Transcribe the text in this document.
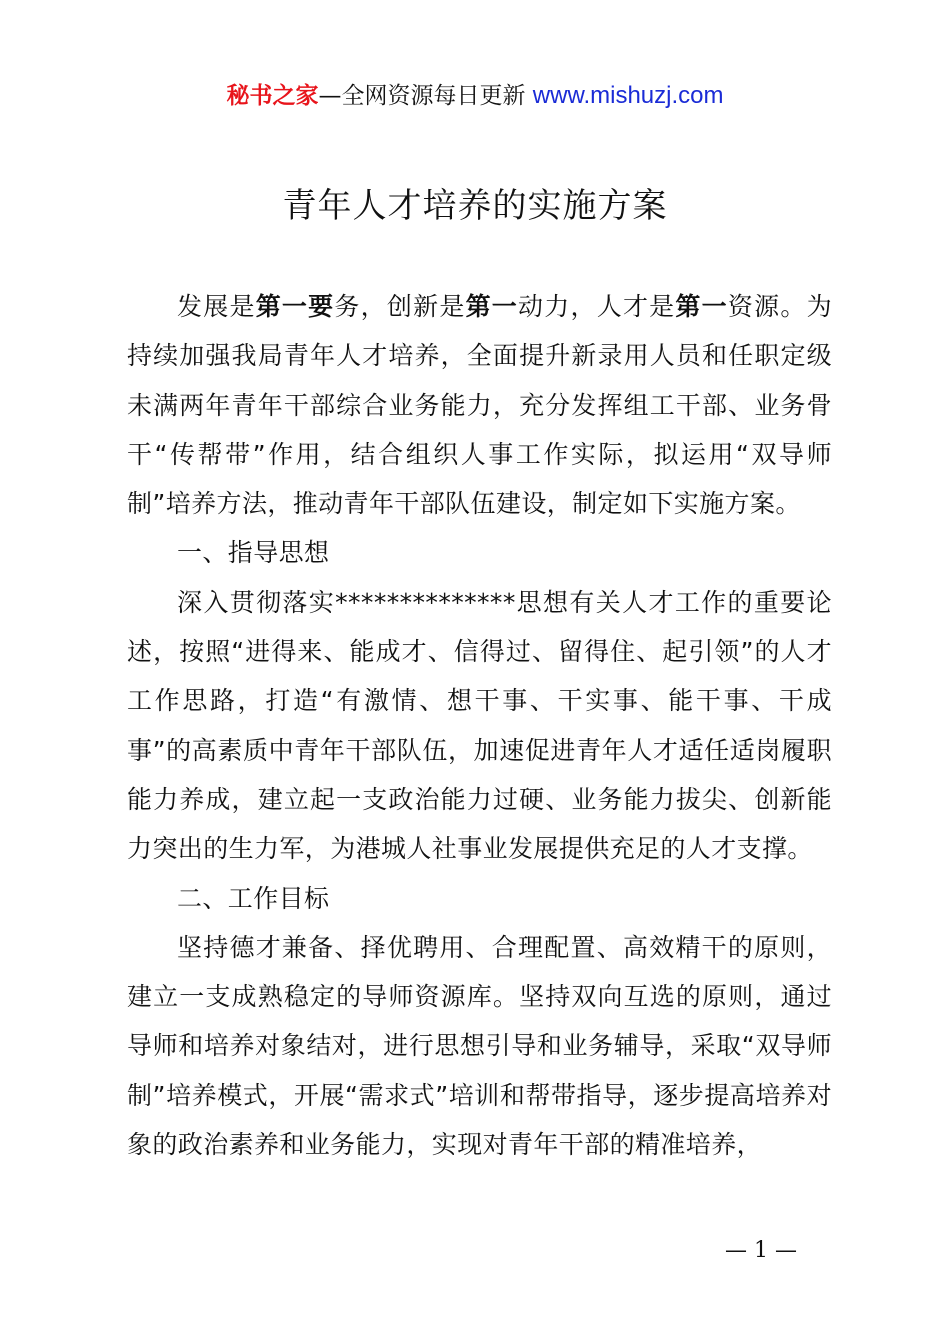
秘书之家—全网资源每日更新 www.mishuzj.com
青年人才培养的实施方案

发展是第一要务，创新是第一动力，人才是第一资源。为持续加强我局青年人才培养，全面提升新录用人员和任职定级未满两年青年干部综合业务能力，充分发挥组工干部、业务骨干“传帮带”作用，结合组织人事工作实际，拟运用“双导师制”培养方法，推动青年干部队伍建设，制定如下实施方案。

一、指导思想

深入贯彻落实**************思想有关人才工作的重要论述，按照“进得来、能成才、信得过、留得住、起引领”的人才工作思路，打造“有激情、想干事、干实事、能干事、干成事”的高素质中青年干部队伍，加速促进青年人才适任适岗履职能力养成，建立起一支政治能力过硬、业务能力拔尖、创新能力突出的生力军，为港城人社事业发展提供充足的人才支撑。

二、工作目标

坚持德才兼备、择优聘用、合理配置、高效精干的原则，建立一支成熟稳定的导师资源库。坚持双向互选的原则，通过导师和培养对象结对，进行思想引导和业务辅导，采取“双导师制”培养模式，开展“需求式”培训和帮带指导，逐步提高培养对象的政治素养和业务能力，实现对青年干部的精准培养，

— 1 —
